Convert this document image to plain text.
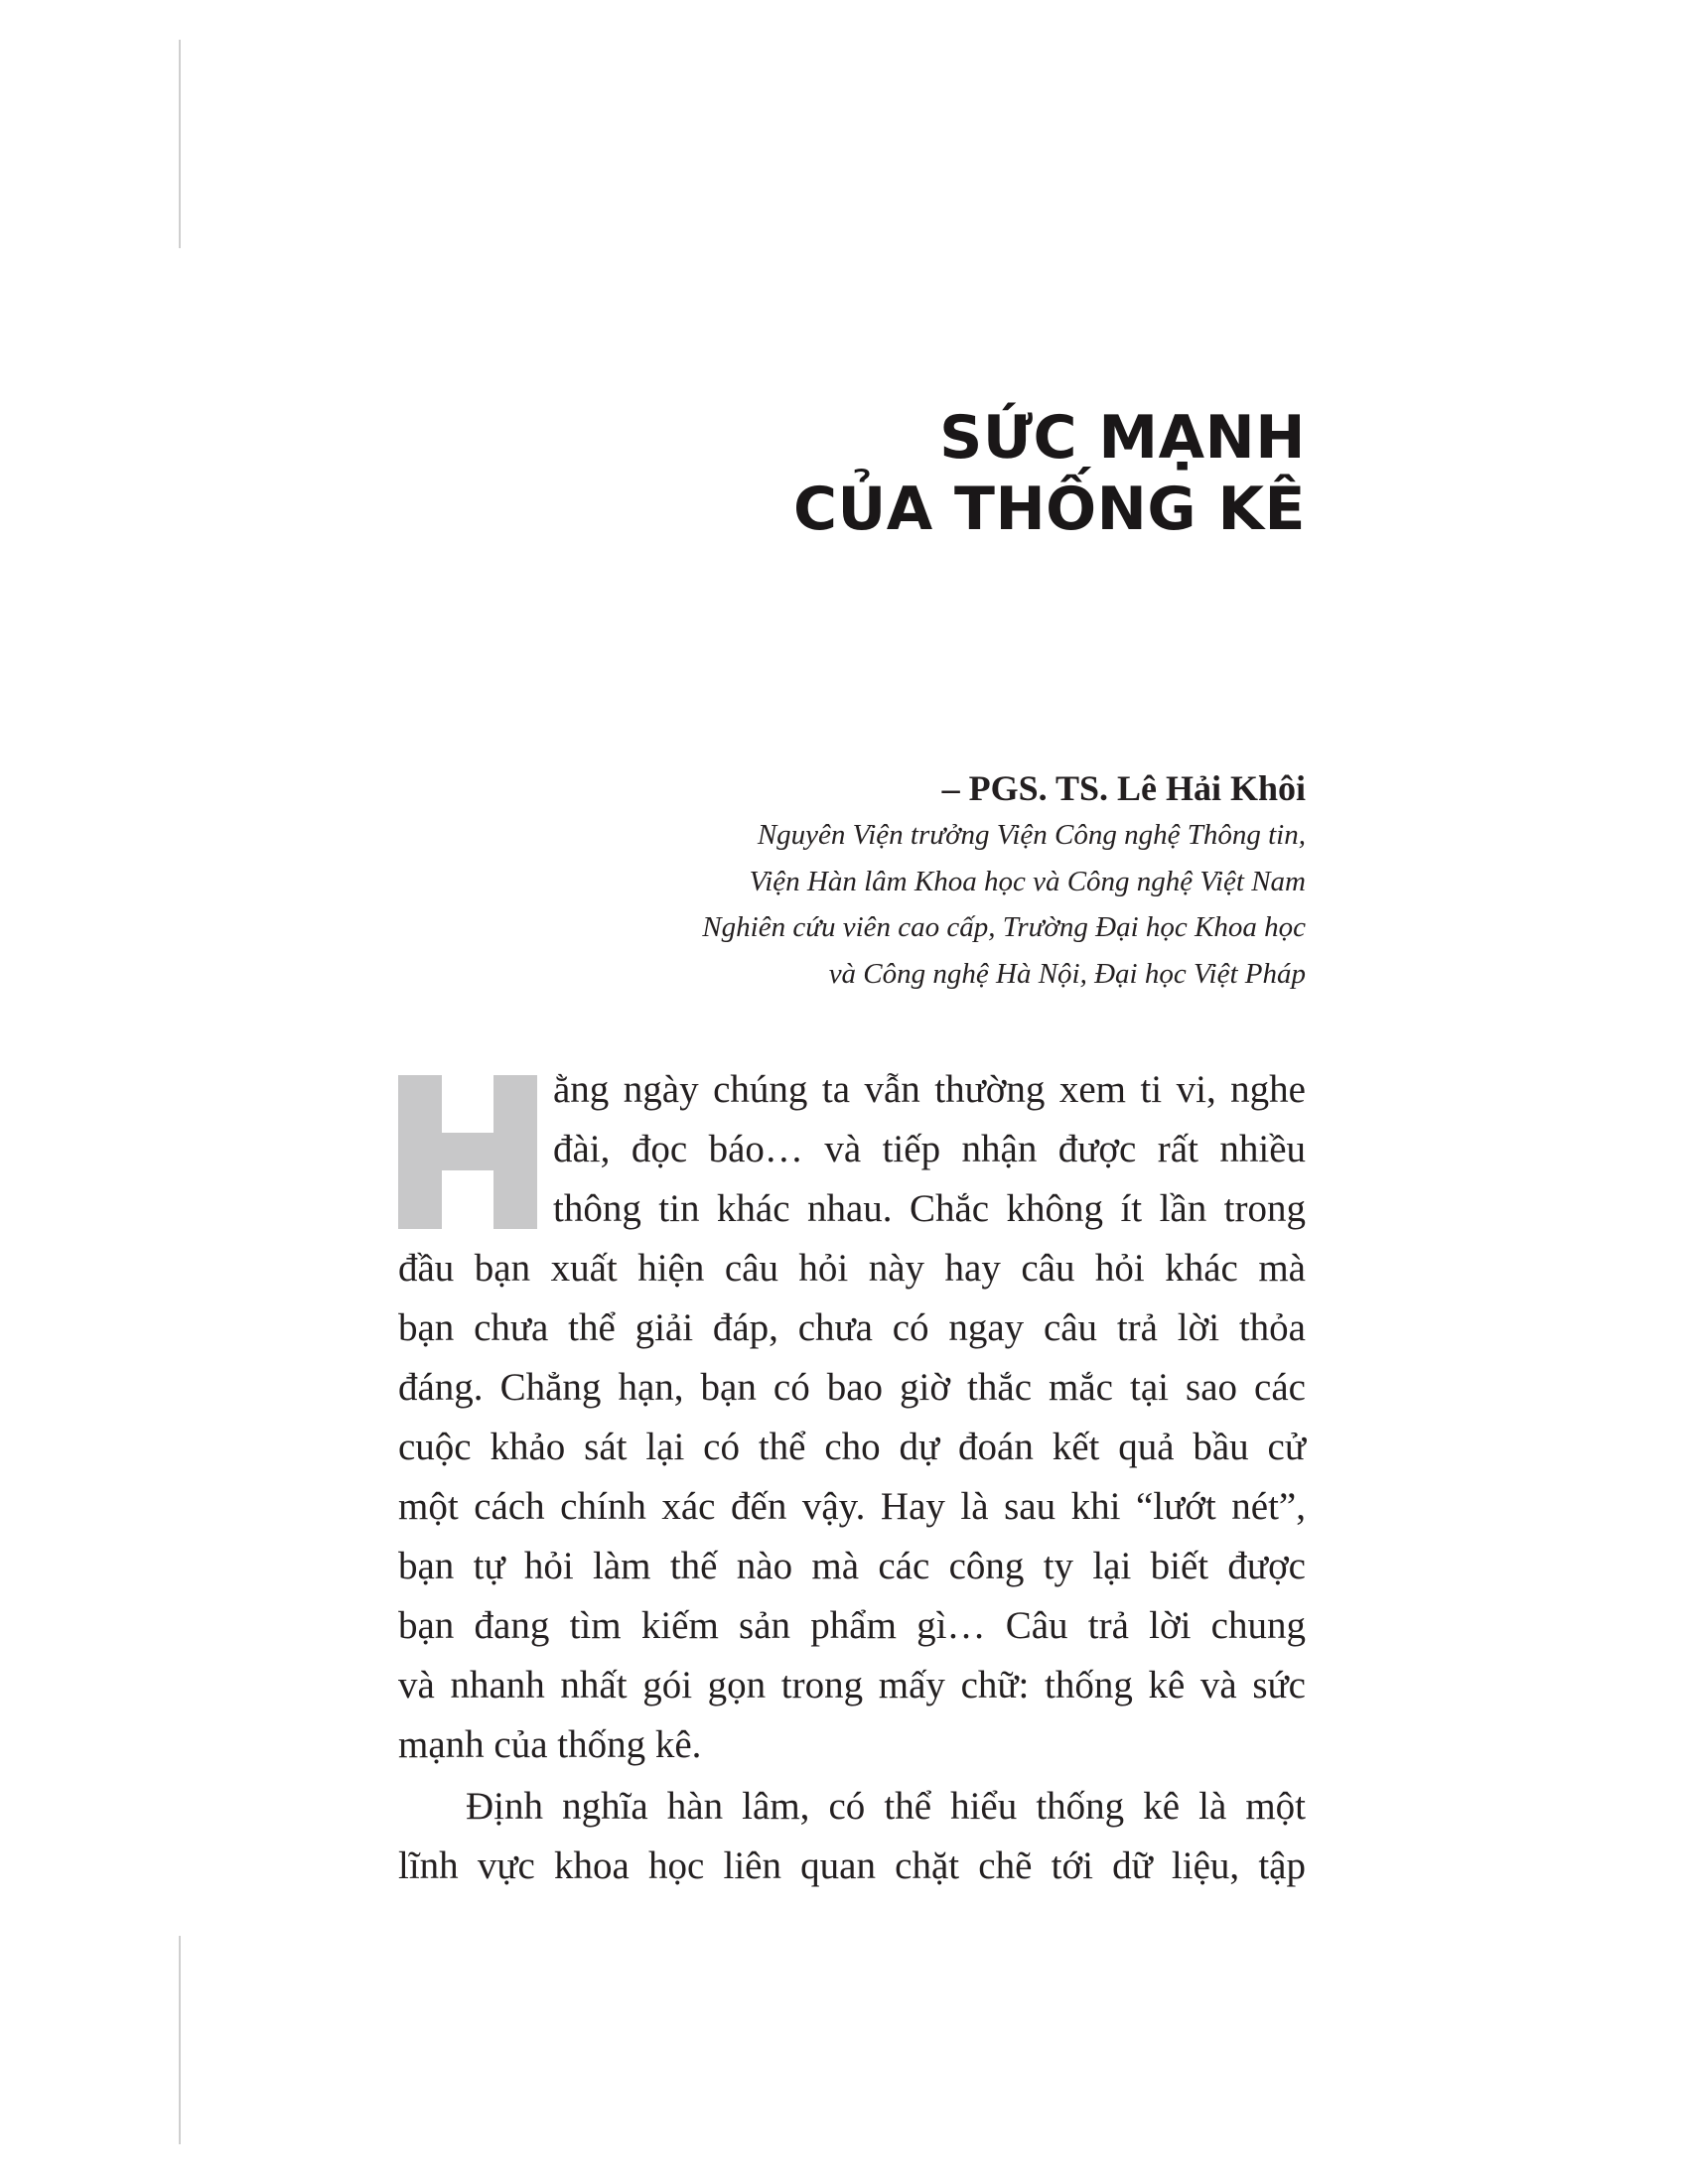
SỨC MẠNH
CỦA THỐNG KÊ
– PGS. TS. Lê Hải Khôi
Nguyên Viện trưởng Viện Công nghệ Thông tin,
Viện Hàn lâm Khoa học và Công nghệ Việt Nam
Nghiên cứu viên cao cấp, Trường Đại học Khoa học
và Công nghệ Hà Nội, Đại học Việt Pháp
ằng ngày chúng ta vẫn thường xem ti vi, nghe
đài, đọc báo… và tiếp nhận được rất nhiều
thông tin khác nhau. Chắc không ít lần trong
đầu bạn xuất hiện câu hỏi này hay câu hỏi khác mà
bạn chưa thể giải đáp, chưa có ngay câu trả lời thỏa
đáng. Chẳng hạn, bạn có bao giờ thắc mắc tại sao các
cuộc khảo sát lại có thể cho dự đoán kết quả bầu cử
một cách chính xác đến vậy. Hay là sau khi “lướt nét”,
bạn tự hỏi làm thế nào mà các công ty lại biết được
bạn đang tìm kiếm sản phẩm gì… Câu trả lời chung
và nhanh nhất gói gọn trong mấy chữ: thống kê và sức
mạnh của thống kê.
Định nghĩa hàn lâm, có thể hiểu thống kê là một
lĩnh vực khoa học liên quan chặt chẽ tới dữ liệu, tập
